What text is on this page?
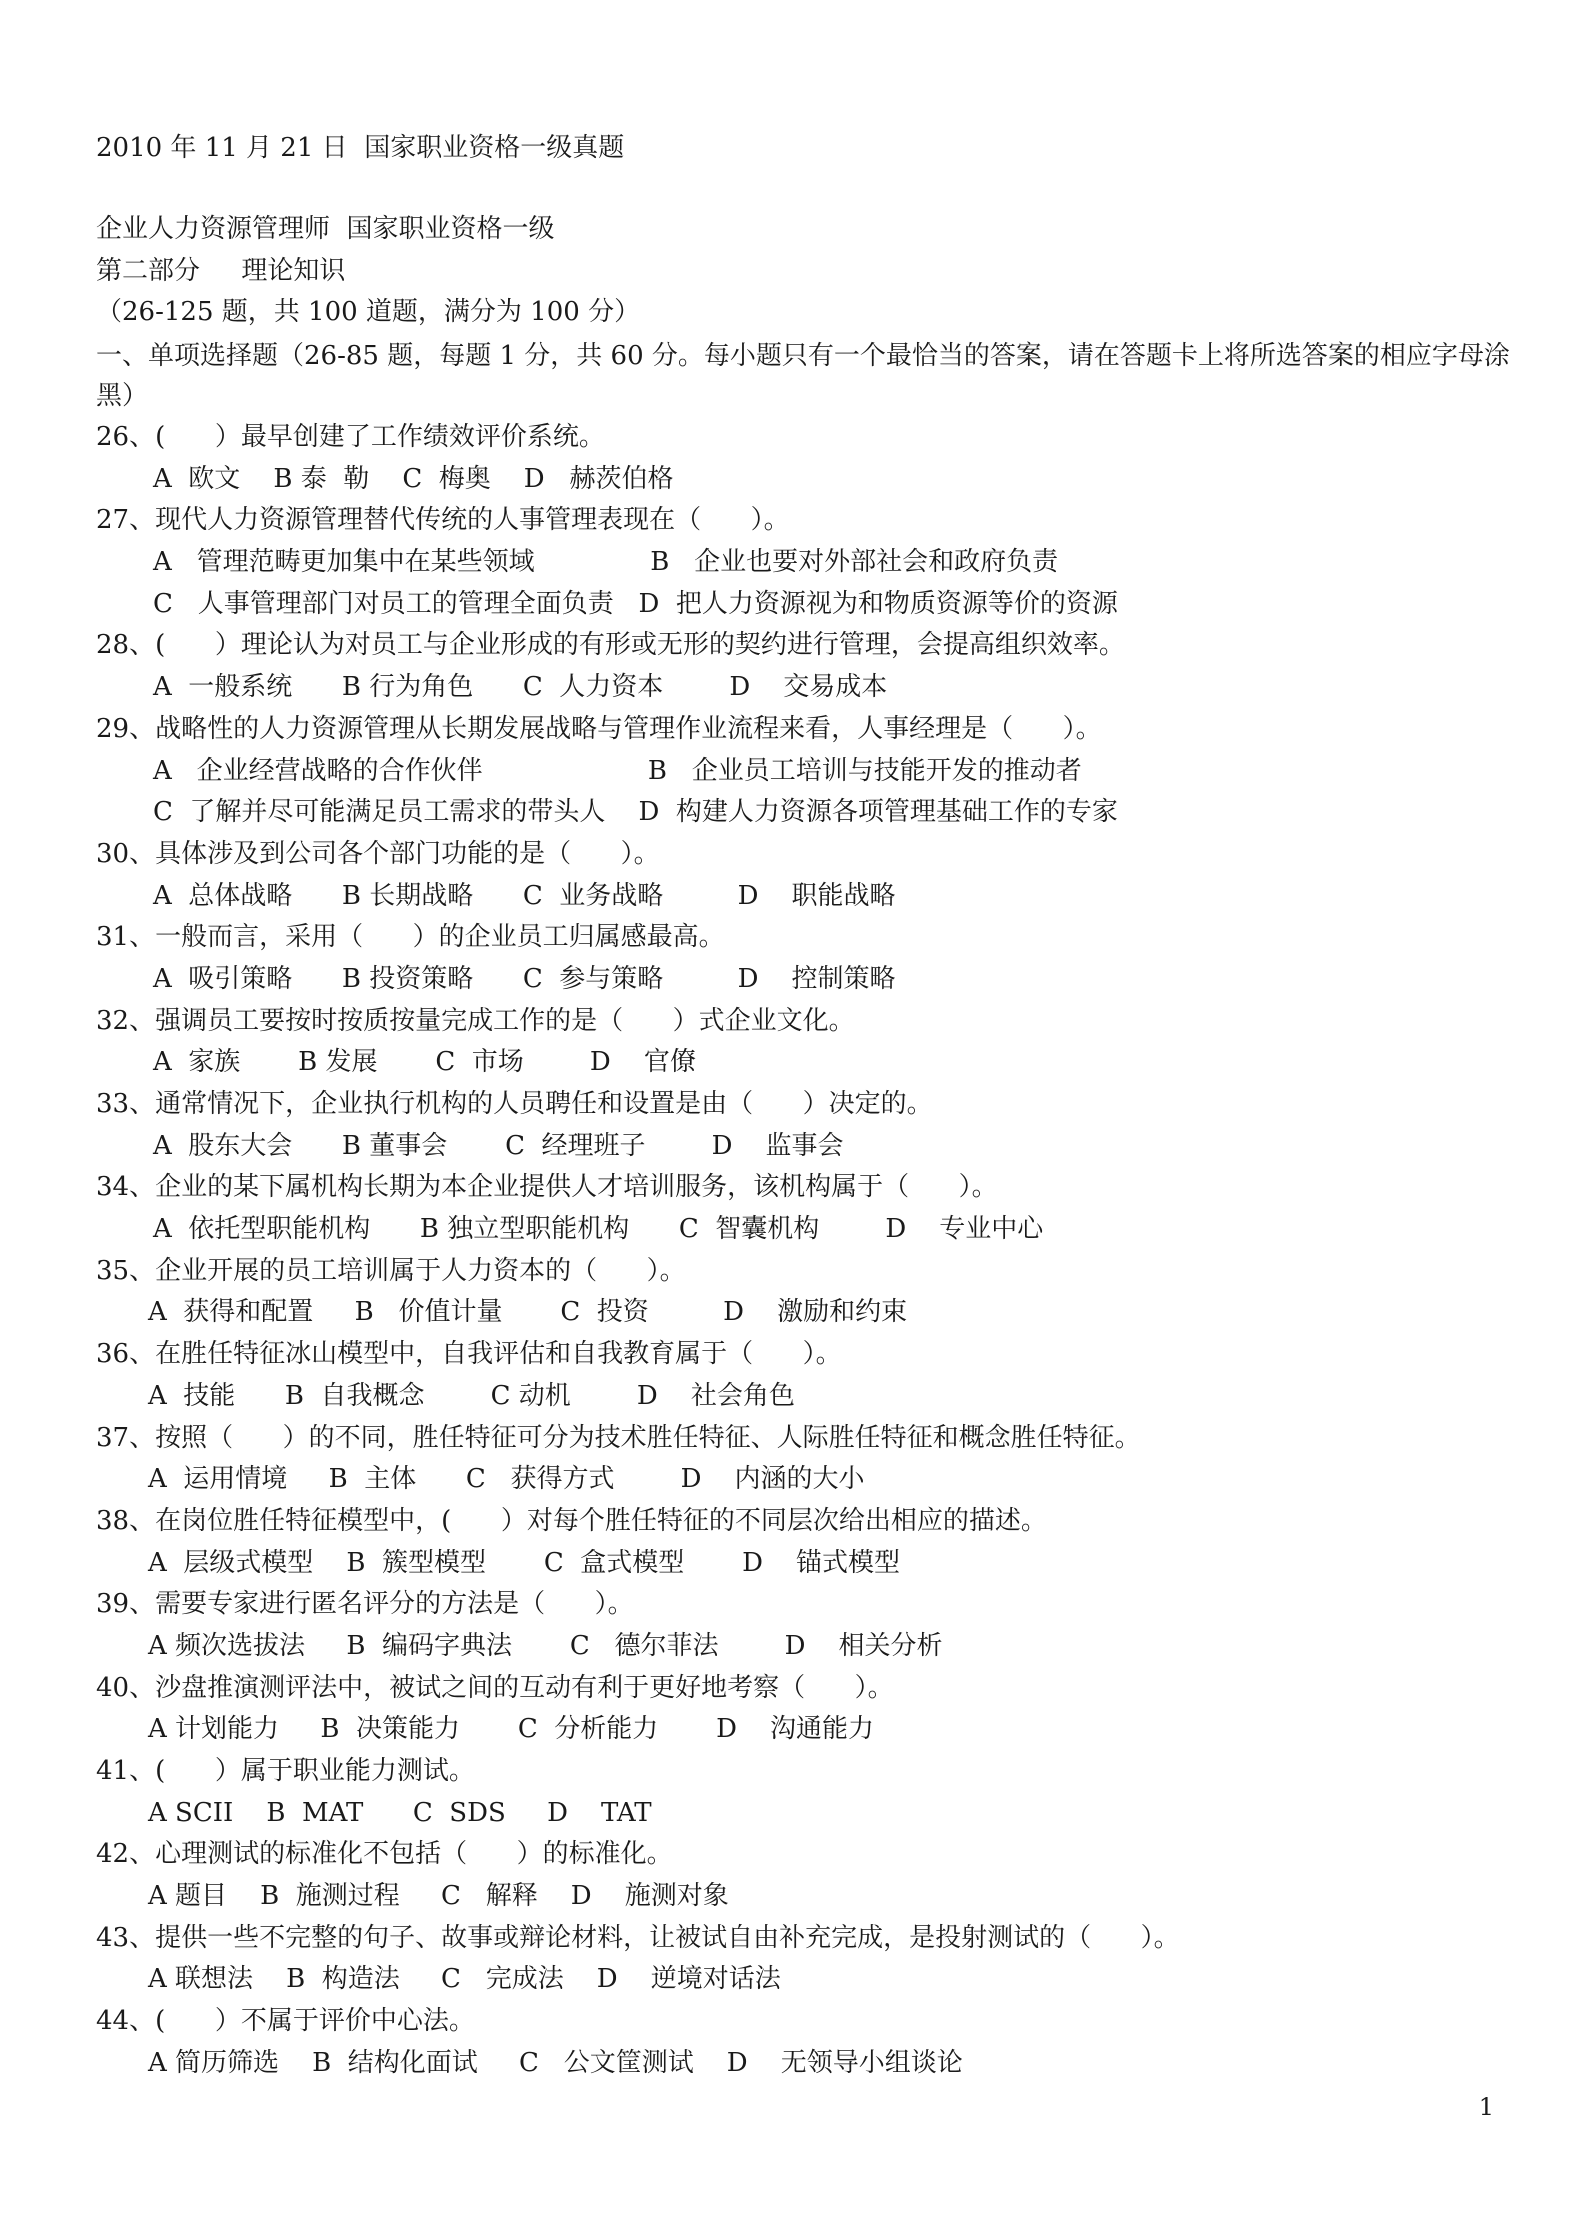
2010 年 11 月 21 日  国家职业资格一级真题
企业人力资源管理师  国家职业资格一级
第二部分     理论知识
（26-125 题，共 100 道题，满分为 100 分）
一、单项选择题（26-85 题，每题 1 分，共 60 分。每小题只有一个最恰当的答案，请在答题卡上将所选答案的相应字母涂黑）
26、(      ）最早创建了工作绩效评价系统。
A  欧文    B 泰  勒    C  梅奥    D   赫茨伯格
27、现代人力资源管理替代传统的人事管理表现在（      ）。
A   管理范畴更加集中在某些领域              B   企业也要对外部社会和政府负责
C   人事管理部门对员工的管理全面负责   D  把人力资源视为和物质资源等价的资源
28、(      ）理论认为对员工与企业形成的有形或无形的契约进行管理，会提高组织效率。
A  一般系统      B 行为角色      C  人力资本        D    交易成本
29、战略性的人力资源管理从长期发展战略与管理作业流程来看，人事经理是（      ）。
A   企业经营战略的合作伙伴                    B   企业员工培训与技能开发的推动者
C  了解并尽可能满足员工需求的带头人    D  构建人力资源各项管理基础工作的专家
30、具体涉及到公司各个部门功能的是（      ）。
A  总体战略      B 长期战略      C  业务战略         D    职能战略
31、一般而言，采用（      ）的企业员工归属感最高。
A  吸引策略      B 投资策略      C  参与策略         D    控制策略
32、强调员工要按时按质按量完成工作的是（      ）式企业文化。
A  家族       B 发展       C  市场        D    官僚
33、通常情况下，企业执行机构的人员聘任和设置是由（      ）决定的。
A  股东大会      B 董事会       C  经理班子        D    监事会
34、企业的某下属机构长期为本企业提供人才培训服务，该机构属于（      ）。
A  依托型职能机构      B 独立型职能机构      C  智囊机构        D    专业中心
35、企业开展的员工培训属于人力资本的（      ）。
A  获得和配置     B   价值计量       C  投资         D    激励和约束
36、在胜任特征冰山模型中，自我评估和自我教育属于（      ）。
A  技能      B  自我概念        C 动机        D    社会角色
37、按照（      ）的不同，胜任特征可分为技术胜任特征、人际胜任特征和概念胜任特征。
A  运用情境     B  主体      C   获得方式        D    内涵的大小
38、在岗位胜任特征模型中，(      ）对每个胜任特征的不同层次给出相应的描述。
A  层级式模型    B  簇型模型       C  盒式模型       D    锚式模型
39、需要专家进行匿名评分的方法是（      ）。
A 频次选拔法     B  编码字典法       C   德尔菲法        D    相关分析
40、沙盘推演测评法中，被试之间的互动有利于更好地考察（      ）。
A 计划能力     B  决策能力       C  分析能力       D    沟通能力
41、(      ）属于职业能力测试。
A SCII    B  MAT      C  SDS     D    TAT
42、心理测试的标准化不包括（      ）的标准化。
A 题目    B  施测过程     C   解释    D    施测对象
43、提供一些不完整的句子、故事或辩论材料，让被试自由补充完成，是投射测试的（      ）。
A 联想法    B  构造法     C   完成法    D    逆境对话法
44、(      ）不属于评价中心法。
A 简历筛选    B  结构化面试     C   公文筐测试    D    无领导小组谈论
1
